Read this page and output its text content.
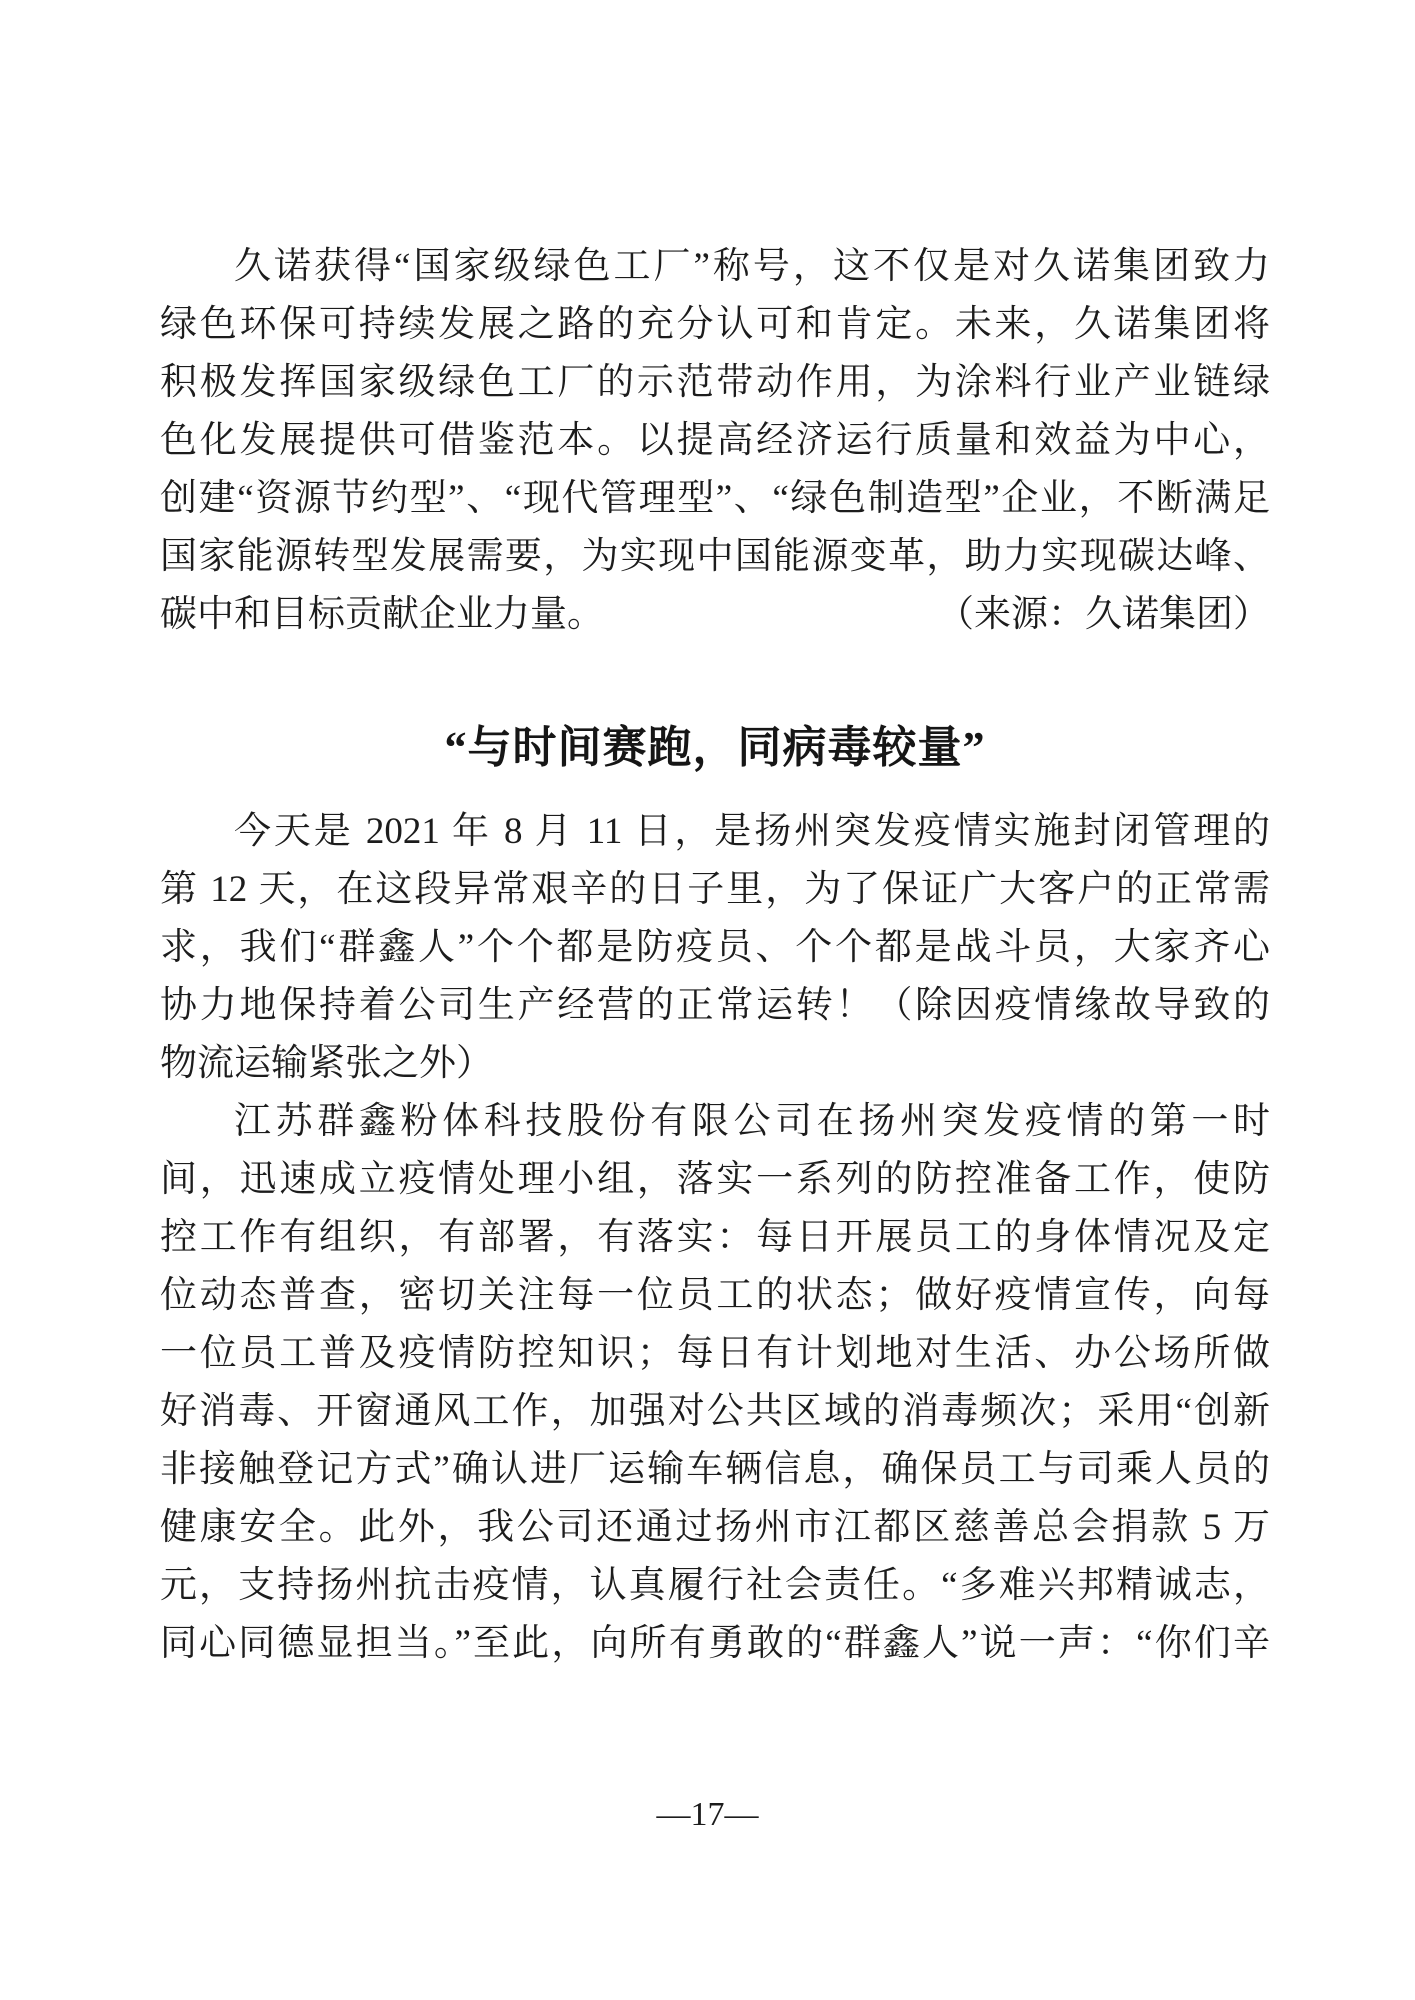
久诺获得“国家级绿色工厂”称号，这不仅是对久诺集团致力

绿色环保可持续发展之路的充分认可和肯定。未来，久诺集团将

积极发挥国家级绿色工厂的示范带动作用，为涂料行业产业链绿

色化发展提供可借鉴范本。以提高经济运行质量和效益为中心，

创建“资源节约型”、“现代管理型”、“绿色制造型”企业，不断满足

国家能源转型发展需要，为实现中国能源变革，助力实现碳达峰、

碳中和目标贡献企业力量。	（来源：久诺集团）

“与时间赛跑，同病毒较量”

今天是 2021 年 8 月 11 日，是扬州突发疫情实施封闭管理的

第 12 天，在这段异常艰辛的日子里，为了保证广大客户的正常需

求，我们“群鑫人”个个都是防疫员、个个都是战斗员，大家齐心

协力地保持着公司生产经营的正常运转！（除因疫情缘故导致的

物流运输紧张之外）

江苏群鑫粉体科技股份有限公司在扬州突发疫情的第一时

间，迅速成立疫情处理小组，落实一系列的防控准备工作，使防

控工作有组织，有部署，有落实：每日开展员工的身体情况及定

位动态普查，密切关注每一位员工的状态；做好疫情宣传，向每

一位员工普及疫情防控知识；每日有计划地对生活、办公场所做

好消毒、开窗通风工作，加强对公共区域的消毒频次；采用“创新

非接触登记方式”确认进厂运输车辆信息，确保员工与司乘人员的

健康安全。此外，我公司还通过扬州市江都区慈善总会捐款 5 万

元，支持扬州抗击疫情，认真履行社会责任。“多难兴邦精诚志，

同心同德显担当。”至此，向所有勇敢的“群鑫人”说一声：“你们辛

—17—
